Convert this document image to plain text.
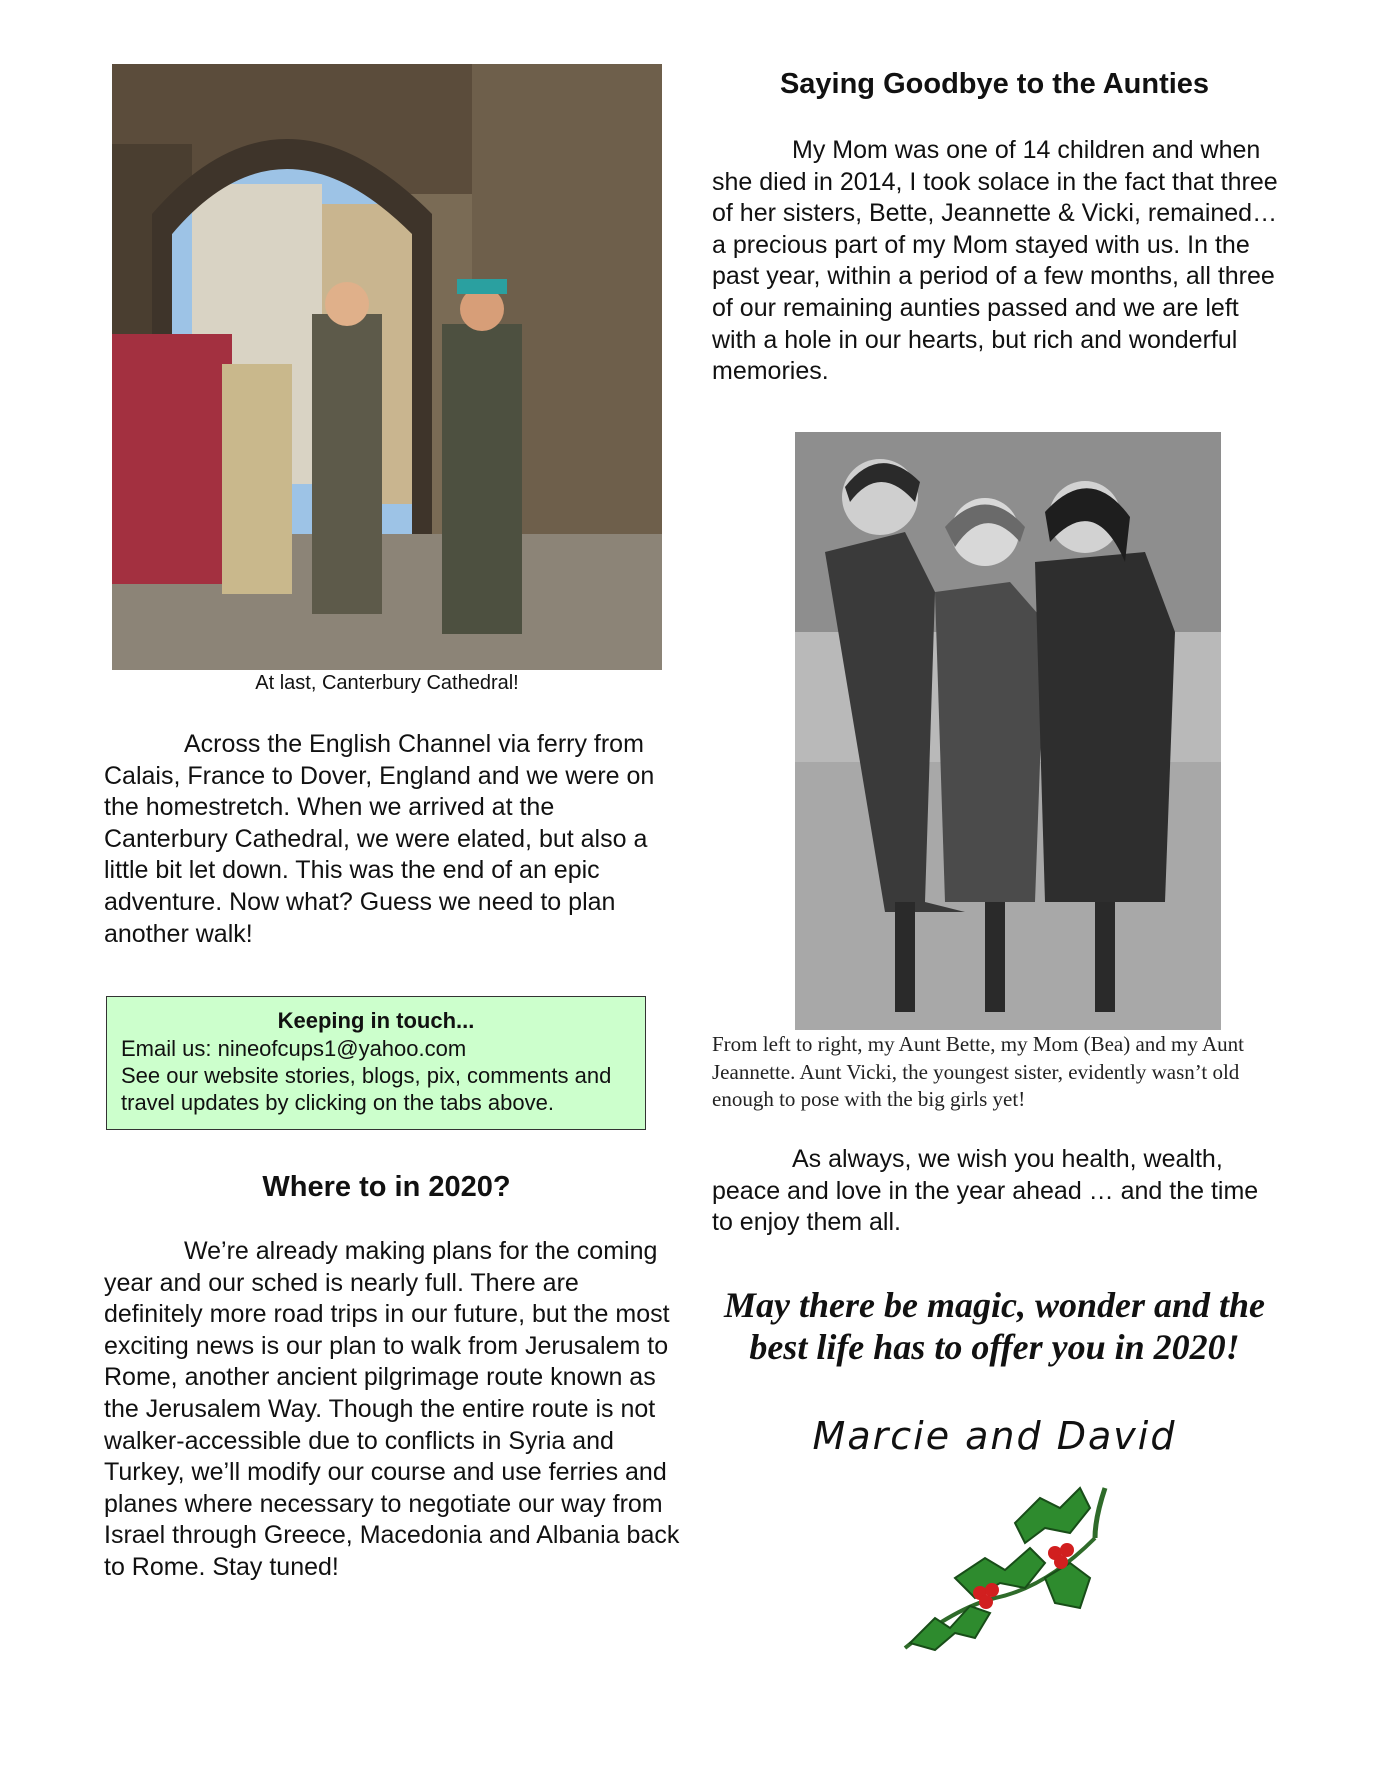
At last, Canterbury Cathedral!

Across the English Channel via ferry from Calais, France to Dover, England and we were on the homestretch. When we arrived at the Canterbury Cathedral, we were elated, but also a little bit let down. This was the end of an epic adventure. Now what? Guess we need to plan another walk!

Keeping in touch...
Email us: nineofcups1@yahoo.com
See our website stories, blogs, pix, comments and travel updates by clicking on the tabs above.
Where to in 2020?

We’re already making plans for the coming year and our sched is nearly full. There are definitely more road trips in our future, but the most exciting news is our plan to walk from Jerusalem to Rome, another ancient pilgrimage route known as the Jerusalem Way. Though the entire route is not walker-accessible due to conflicts in Syria and Turkey, we’ll modify our course and use ferries and planes where necessary to negotiate our way from Israel through Greece, Macedonia and Albania back to Rome. Stay tuned!

Saying Goodbye to the Aunties

My Mom was one of 14 children and when she died in 2014, I took solace in the fact that three of her sisters, Bette, Jeannette & Vicki, remained… a precious part of my Mom stayed with us. In the past year, within a period of a few months, all three of our remaining aunties passed and we are left with a hole in our hearts, but rich and wonderful memories.

From left to right, my Aunt Bette, my Mom (Bea) and my Aunt Jeannette. Aunt Vicki, the youngest sister, evidently wasn’t old enough to pose with the big girls yet!

As always, we wish you health, wealth, peace and love in the year ahead … and the time to enjoy them all.

May there be magic, wonder and the best life has to offer you in 2020!
Marcie and David
